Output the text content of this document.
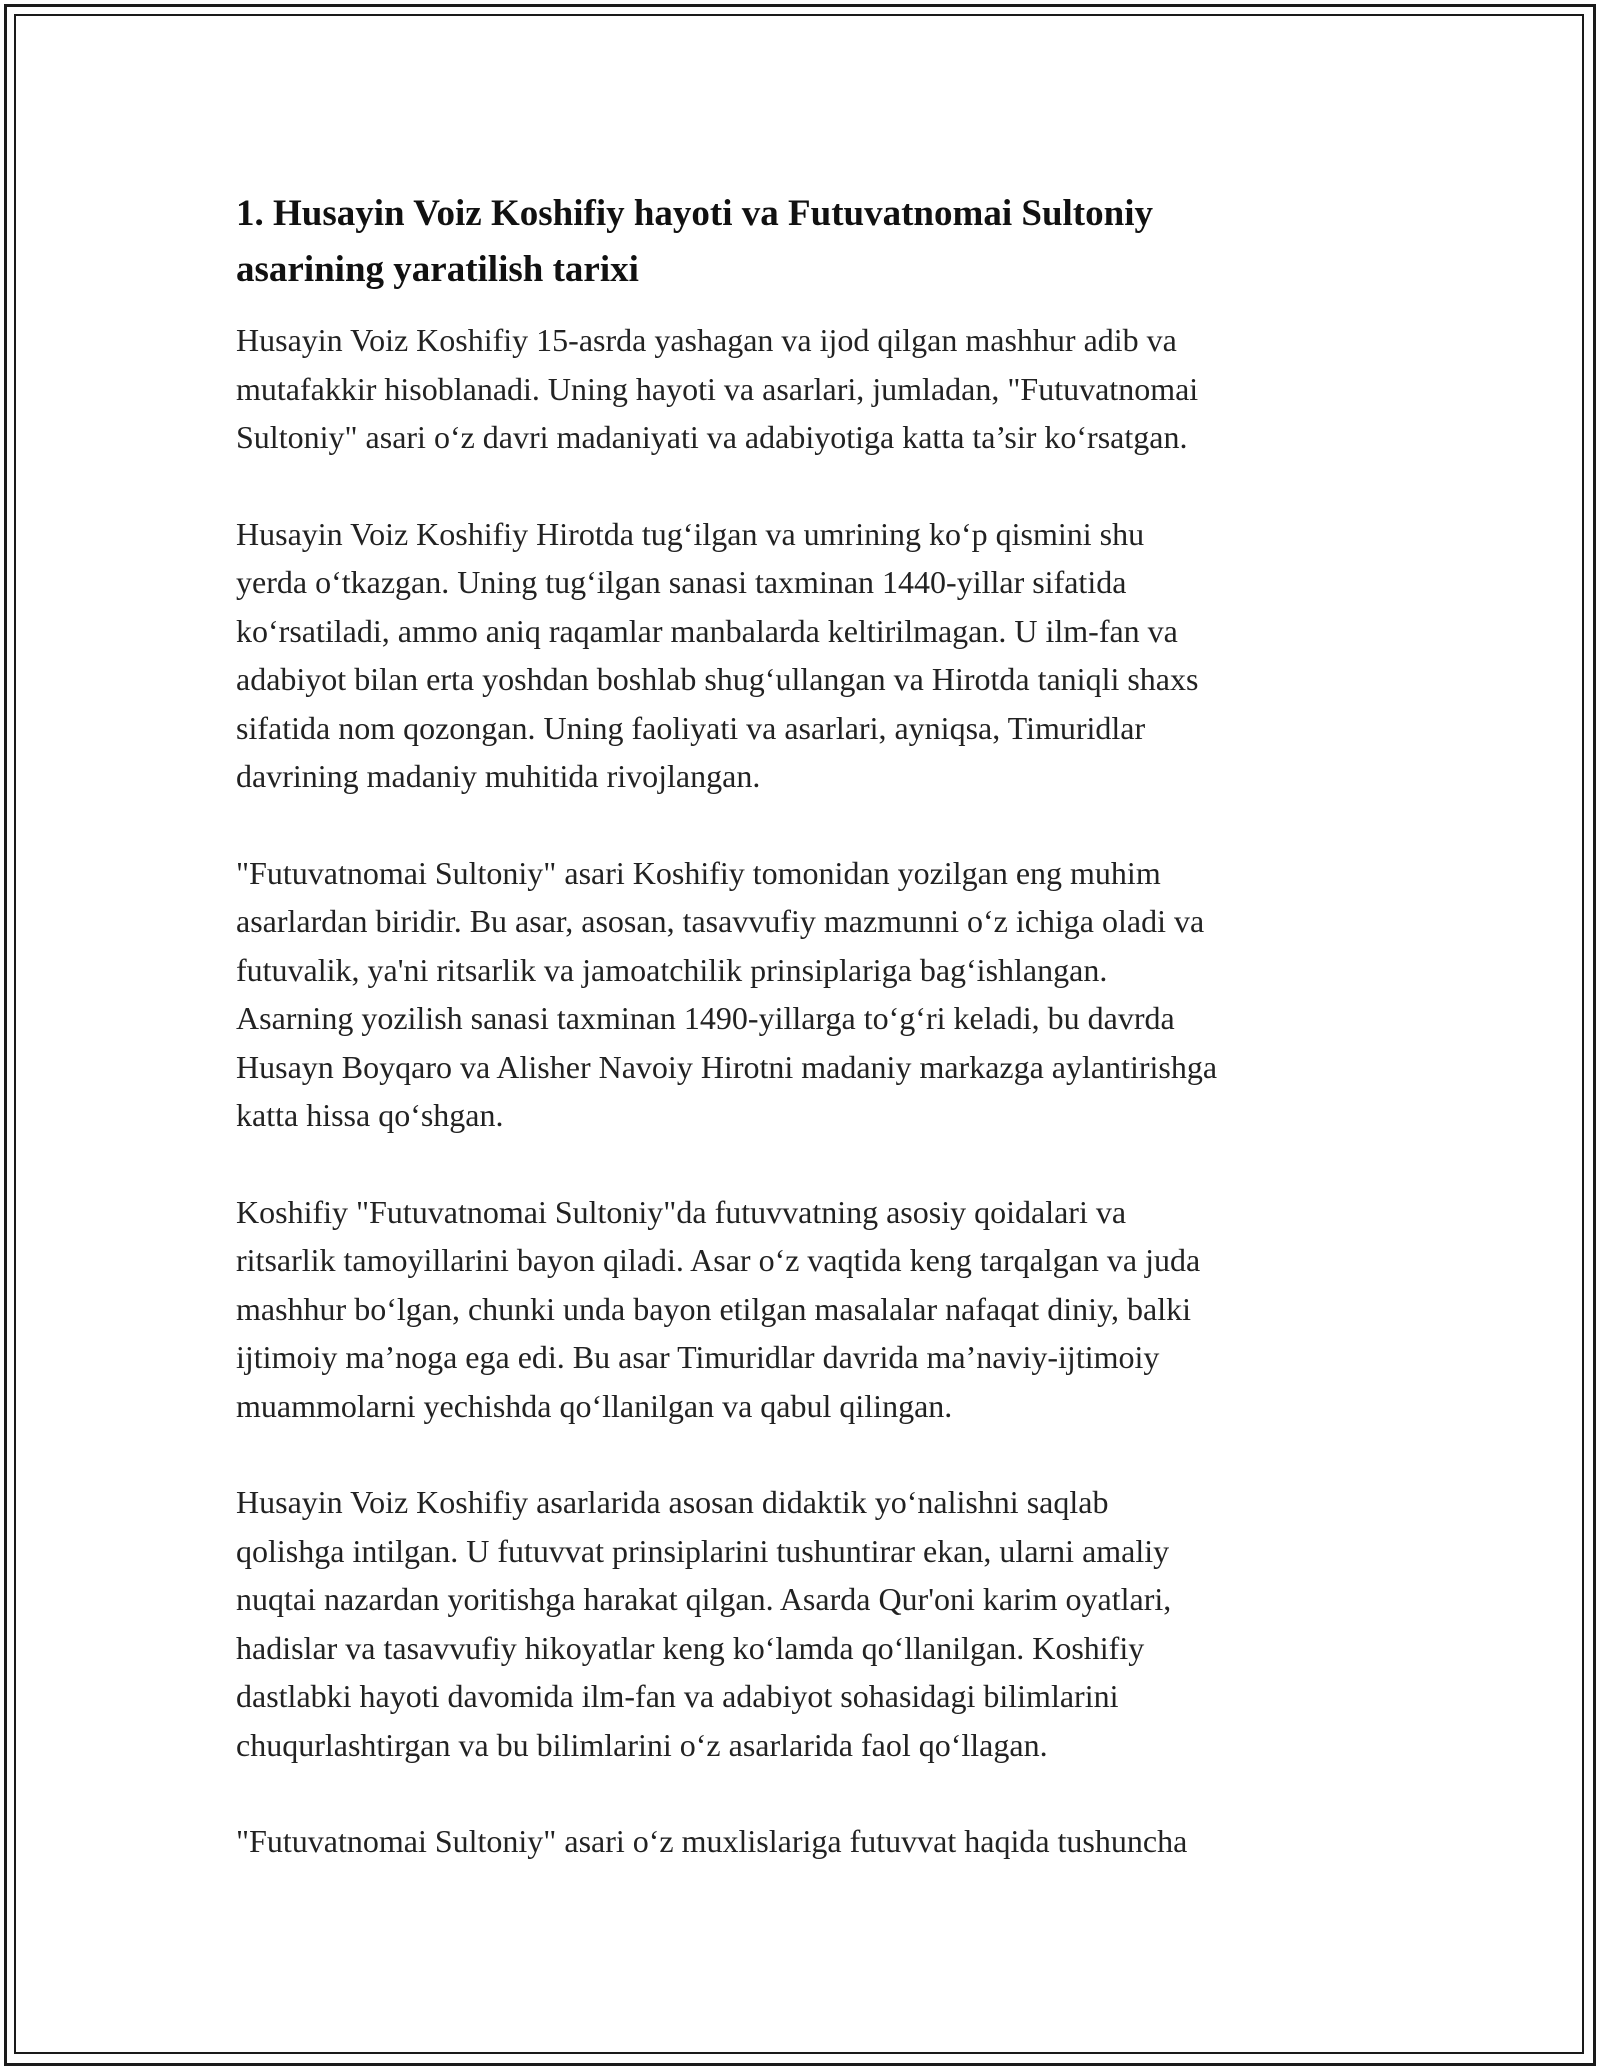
1. Husayin Voiz Koshifiy hayoti va Futuvatnomai Sultoniy
asarining yaratilish tarixi
Husayin Voiz Koshifiy 15-asrda yashagan va ijod qilgan mashhur adib va
mutafakkir hisoblanadi. Uning hayoti va asarlari, jumladan, "Futuvatnomai
Sultoniy" asari o‘z davri madaniyati va adabiyotiga katta ta’sir ko‘rsatgan.
Husayin Voiz Koshifiy Hirotda tug‘ilgan va umrining ko‘p qismini shu
yerda o‘tkazgan. Uning tug‘ilgan sanasi taxminan 1440-yillar sifatida
ko‘rsatiladi, ammo aniq raqamlar manbalarda keltirilmagan. U ilm-fan va
adabiyot bilan erta yoshdan boshlab shug‘ullangan va Hirotda taniqli shaxs
sifatida nom qozongan. Uning faoliyati va asarlari, ayniqsa, Timuridlar
davrining madaniy muhitida rivojlangan.
"Futuvatnomai Sultoniy" asari Koshifiy tomonidan yozilgan eng muhim
asarlardan biridir. Bu asar, asosan, tasavvufiy mazmunni o‘z ichiga oladi va
futuvalik, ya'ni ritsarlik va jamoatchilik prinsiplariga bag‘ishlangan.
Asarning yozilish sanasi taxminan 1490-yillarga to‘g‘ri keladi, bu davrda
Husayn Boyqaro va Alisher Navoiy Hirotni madaniy markazga aylantirishga
katta hissa qo‘shgan.
Koshifiy "Futuvatnomai Sultoniy"da futuvvatning asosiy qoidalari va
ritsarlik tamoyillarini bayon qiladi. Asar o‘z vaqtida keng tarqalgan va juda
mashhur bo‘lgan, chunki unda bayon etilgan masalalar nafaqat diniy, balki
ijtimoiy ma’noga ega edi. Bu asar Timuridlar davrida ma’naviy-ijtimoiy
muammolarni yechishda qo‘llanilgan va qabul qilingan.
Husayin Voiz Koshifiy asarlarida asosan didaktik yo‘nalishni saqlab
qolishga intilgan. U futuvvat prinsiplarini tushuntirar ekan, ularni amaliy
nuqtai nazardan yoritishga harakat qilgan. Asarda Qur'oni karim oyatlari,
hadislar va tasavvufiy hikoyatlar keng ko‘lamda qo‘llanilgan. Koshifiy
dastlabki hayoti davomida ilm-fan va adabiyot sohasidagi bilimlarini
chuqurlashtirgan va bu bilimlarini o‘z asarlarida faol qo‘llagan.
"Futuvatnomai Sultoniy" asari o‘z muxlislariga futuvvat haqida tushuncha
